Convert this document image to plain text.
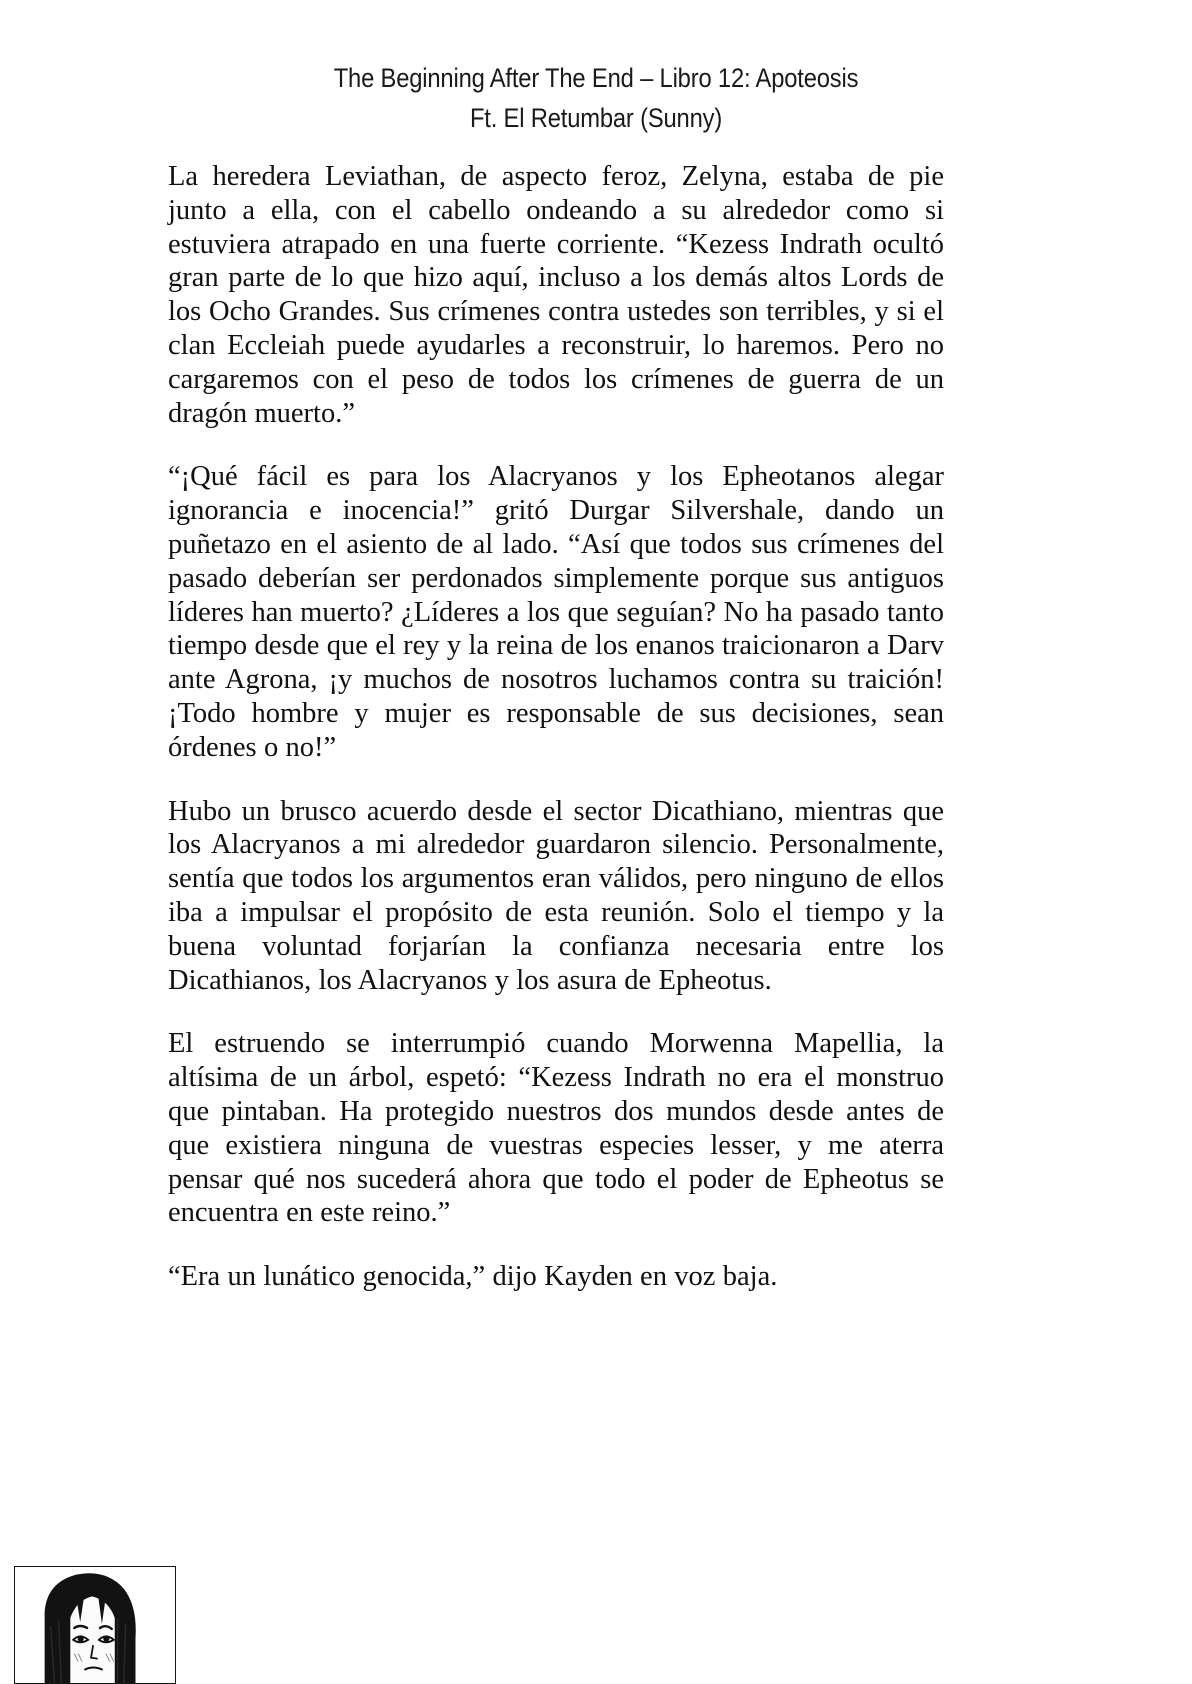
The Beginning After The End – Libro 12: Apoteosis
Ft. El Retumbar (Sunny)

La heredera Leviathan, de aspecto feroz, Zelyna, estaba de pie junto a ella, con el cabello ondeando a su alrededor como si estuviera atrapado en una fuerte corriente. “Kezess Indrath ocultó gran parte de lo que hizo aquí, incluso a los demás altos Lords de los Ocho Grandes. Sus crímenes contra ustedes son terribles, y si el clan Eccleiah puede ayudarles a reconstruir, lo haremos. Pero no cargaremos con el peso de todos los crímenes de guerra de un dragón muerto.”

“¡Qué fácil es para los Alacryanos y los Epheotanos alegar ignorancia e inocencia!” gritó Durgar Silvershale, dando un puñetazo en el asiento de al lado. “Así que todos sus crímenes del pasado deberían ser perdonados simplemente porque sus antiguos líderes han muerto? ¿Líderes a los que seguían? No ha pasado tanto tiempo desde que el rey y la reina de los enanos traicionaron a Darv ante Agrona, ¡y muchos de nosotros luchamos contra su traición! ¡Todo hombre y mujer es responsable de sus decisiones, sean órdenes o no!”

Hubo un brusco acuerdo desde el sector Dicathiano, mientras que los Alacryanos a mi alrededor guardaron silencio. Personalmente, sentía que todos los argumentos eran válidos, pero ninguno de ellos iba a impulsar el propósito de esta reunión. Solo el tiempo y la buena voluntad forjarían la confianza necesaria entre los Dicathianos, los Alacryanos y los asura de Epheotus.

El estruendo se interrumpió cuando Morwenna Mapellia, la altísima de un árbol, espetó: “Kezess Indrath no era el monstruo que pintaban. Ha protegido nuestros dos mundos desde antes de que existiera ninguna de vuestras especies lesser, y me aterra pensar qué nos sucederá ahora que todo el poder de Epheotus se encuentra en este reino.”

“Era un lunático genocida,” dijo Kayden en voz baja.
